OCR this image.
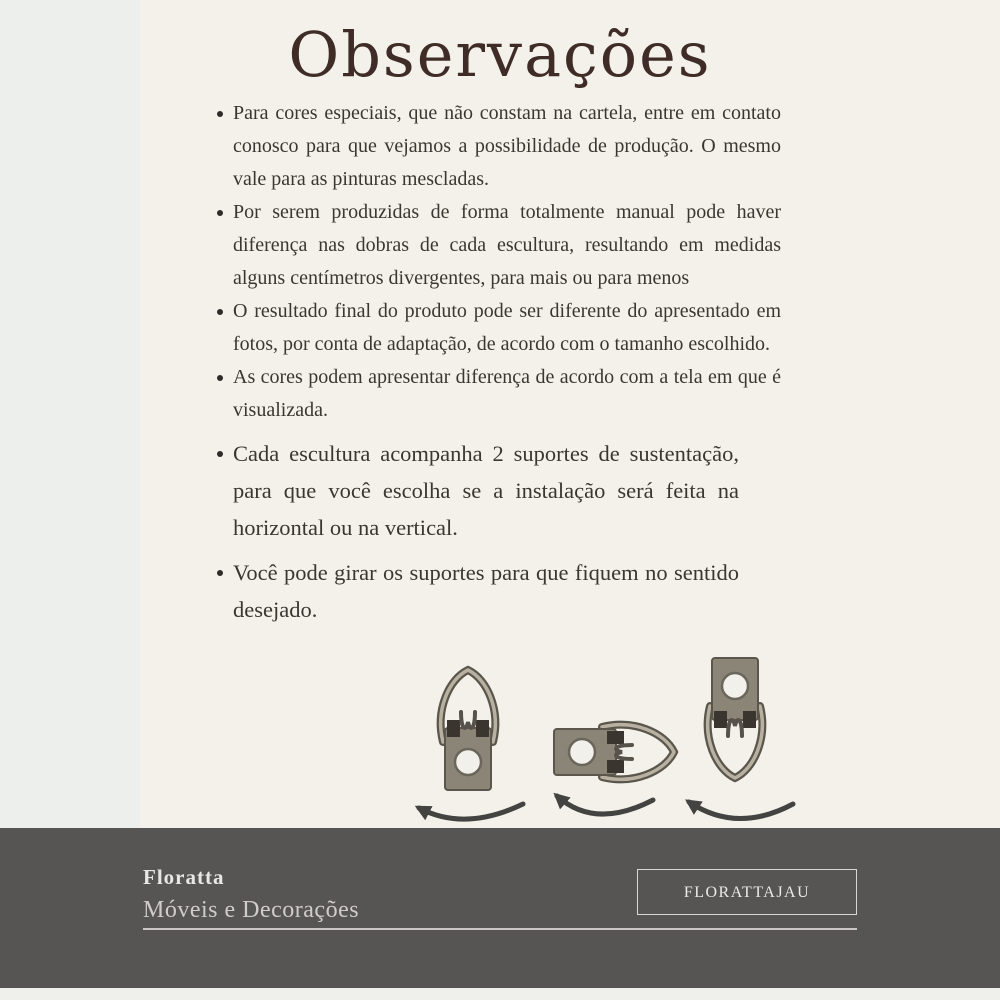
Observações
Para cores especiais, que não constam na cartela, entre em contato conosco para que vejamos a possibilidade de produção. O mesmo vale para as pinturas mescladas.
Por serem produzidas de forma totalmente manual pode haver diferença nas dobras de cada escultura, resultando em medidas alguns centímetros divergentes, para mais ou para menos
O resultado final do produto pode ser diferente do apresentado em fotos, por conta de adaptação, de acordo com o tamanho escolhido.
As cores podem apresentar diferença de acordo com a tela em que é visualizada.
Cada escultura acompanha 2 suportes de sustentação, para que você escolha se a instalação será feita na horizontal ou na vertical.
Você pode girar os suportes para que fiquem no sentido desejado.
Floratta
Móveis e Decorações
FLORATTAJAU
